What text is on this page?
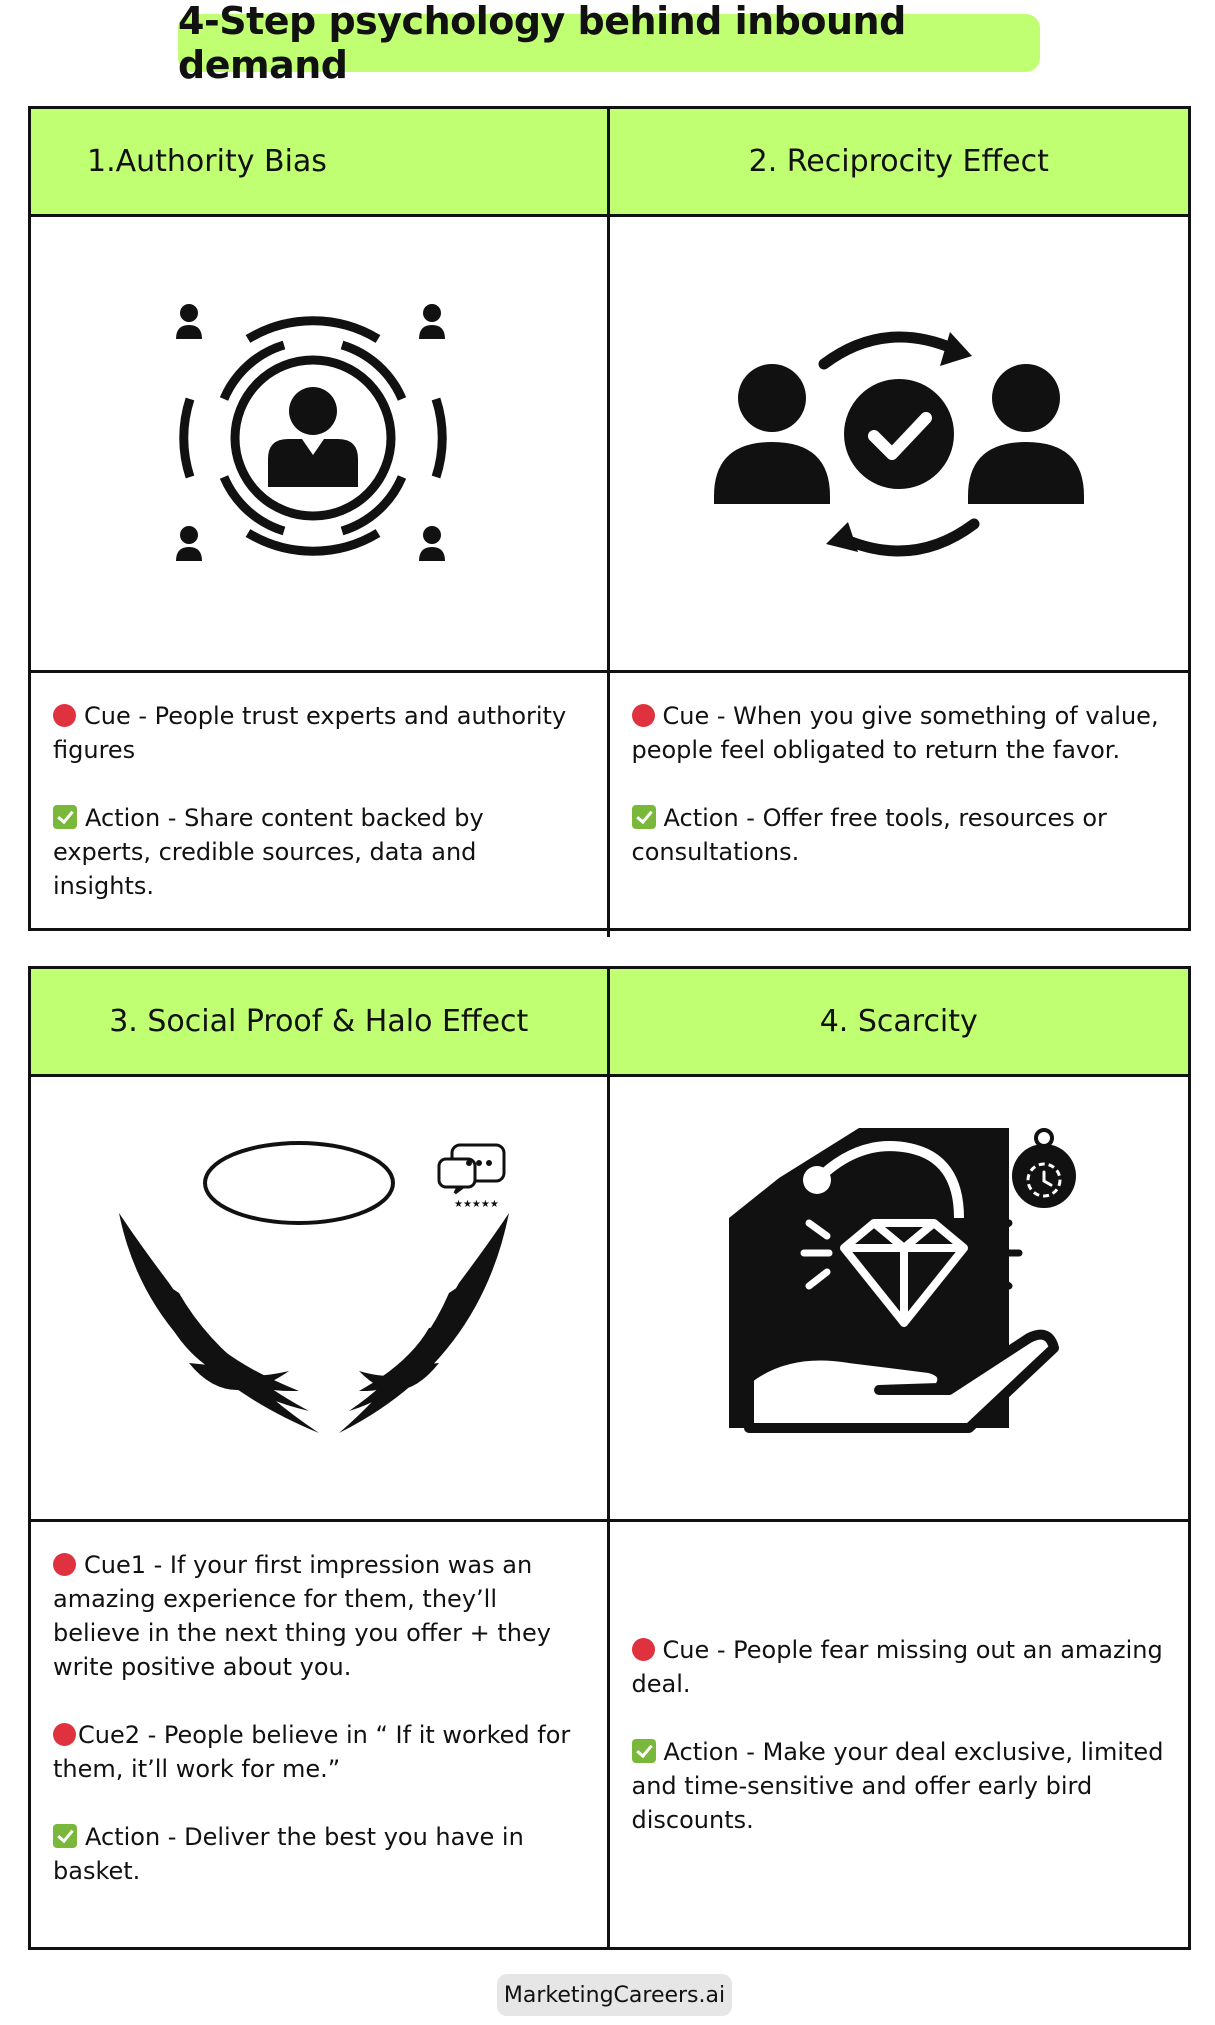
4-Step psychology behind inbound demand
1.Authority Bias	2. Reciprocity Effect
Cue - People trust experts and authority figures
Action - Share content backed by experts, credible sources, data and insights.
Cue - When you give something of value, people feel obligated to return the favor.
Action - Offer free tools, resources or consultations.
3. Social Proof & Halo Effect	4. Scarcity
★★★★★
Cue1 - If your first impression was an amazing experience for them, they’ll believe in the next thing you offer + they write positive about you.
Cue2 - People believe in “ If it worked for them, it’ll work for me.”
Action - Deliver the best you have in basket.
Cue - People fear missing out an amazing deal.
Action - Make your deal exclusive, limited and time-sensitive and offer early bird discounts.
MarketingCareers.ai
